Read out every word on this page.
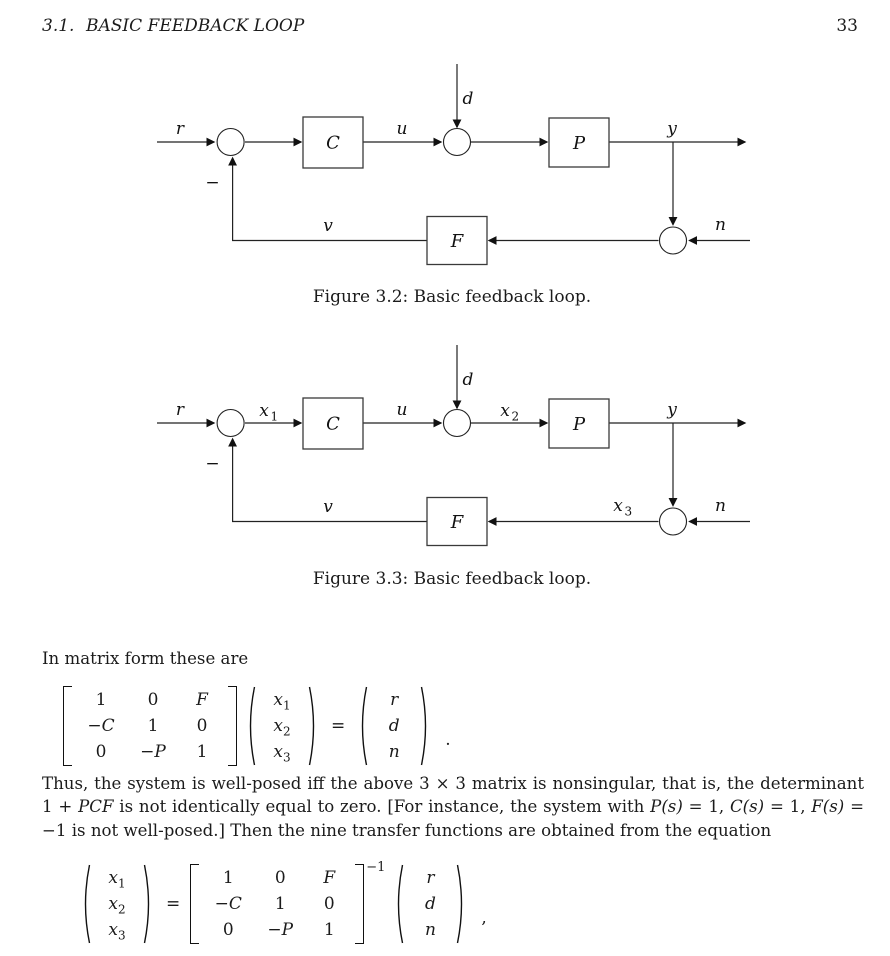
3.1. BASIC FEEDBACK LOOP	33
C	P
F
r	u
d
y
n
v
−
Figure 3.2: Basic feedback loop.
C	P
F
r	u
d
y
n
v
−
x 1	x 2
x 3
Figure 3.3: Basic feedback loop.
In matrix form these are
1	0	F
−C	1	0
0	−P	1
$x_1$
$x_2$
$x_3$
=
r
d
n
.
Thus, the system is well-posed iff the above 3 × 3 matrix is nonsingular, that is, the determinant 1 + PCF is not identically equal to zero. [For instance, the system with P(s) = 1, C(s) = 1, F(s) = −1 is not well-posed.] Then the nine transfer functions are obtained from the equation
$x_1$
$x_2$
$x_3$
=
1	0	F
−C	1	0
0	−P	1
−1
r
d
n
,
